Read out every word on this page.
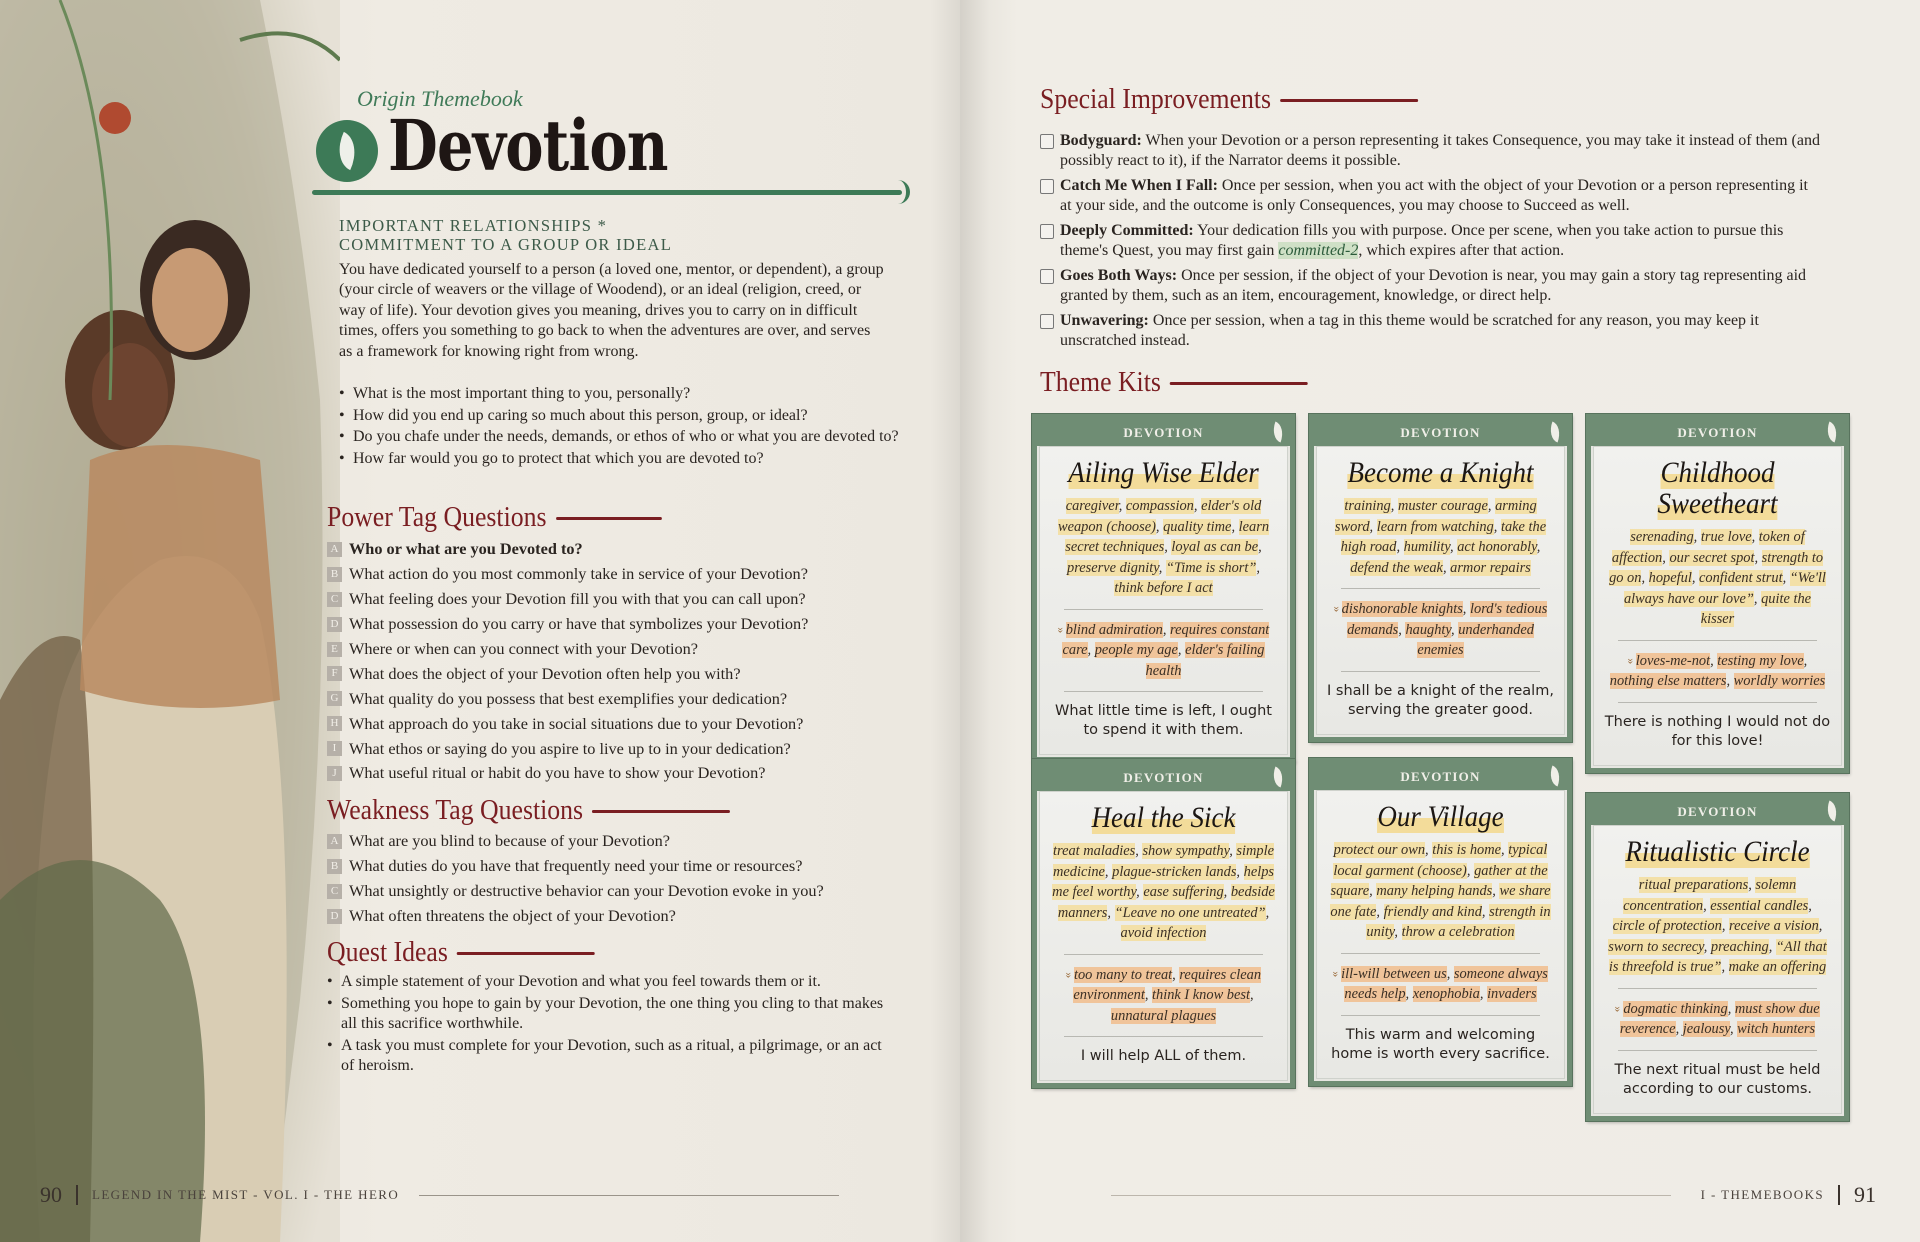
Origin Themebook
Devotion
IMPORTANT RELATIONSHIPS *
COMMITMENT TO A GROUP OR IDEAL

You have dedicated yourself to a person (a loved one, mentor, or dependent), a group (your circle of weavers or the village of Woodend), or an ideal (religion, creed, or way of life). Your devotion gives you meaning, drives you to carry on in difficult times, offers you something to go back to when the adventures are over, and serves as a framework for knowing right from wrong.

• What is the most important thing to you, personally?
• How did you end up caring so much about this person, group, or ideal?
• Do you chafe under the needs, demands, or ethos of who or what you are devoted to?
• How far would you go to protect that which you are devoted to?
Power Tag Questions
A Who or what are you Devoted to?
B What action do you most commonly take in service of your Devotion?
C What feeling does your Devotion fill you with that you can call upon?
D What possession do you carry or have that symbolizes your Devotion?
E Where or when can you connect with your Devotion?
F What does the object of your Devotion often help you with?
G What quality do you possess that best exemplifies your dedication?
H What approach do you take in social situations due to your Devotion?
I What ethos or saying do you aspire to live up to in your dedication?
J What useful ritual or habit do you have to show your Devotion?
Weakness Tag Questions
A What are you blind to because of your Devotion?
B What duties do you have that frequently need your time or resources?
C What unsightly or destructive behavior can your Devotion evoke in you?
D What often threatens the object of your Devotion?
Quest Ideas
• A simple statement of your Devotion and what you feel towards them or it.
• Something you hope to gain by your Devotion, the one thing you cling to that makes all this sacrifice worthwhile.
• A task you must complete for your Devotion, such as a ritual, a pilgrimage, or an act of heroism.
90 LEGEND IN THE MIST - VOL. I - THE HERO
Special Improvements
Bodyguard: When your Devotion or a person representing it takes Consequence, you may take it instead of them (and possibly react to it), if the Narrator deems it possible.
Catch Me When I Fall: Once per session, when you act with the object of your Devotion or a person representing it at your side, and the outcome is only Consequences, you may choose to Succeed as well.
Deeply Committed: Your dedication fills you with purpose. Once per scene, when you take action to pursue this theme's Quest, you may first gain committed-2, which expires after that action.
Goes Both Ways: Once per session, if the object of your Devotion is near, you may gain a story tag representing aid granted by them, such as an item, encouragement, knowledge, or direct help.
Unwavering: Once per session, when a tag in this theme would be scratched for any reason, you may keep it unscratched instead.
Theme Kits
DEVOTION
Ailing Wise Elder
caregiver, compassion, elder's old weapon (choose), quality time, learn secret techniques, loyal as can be, preserve dignity, “Time is short”, think before I act
»blind admiration, requires constant care, people my age, elder's failing health
What little time is left, I ought to spend it with them.
DEVOTION
Become a Knight
training, muster courage, arming sword, learn from watching, take the high road, humility, act honorably, defend the weak, armor repairs
»dishonorable knights, lord's tedious demands, haughty, underhanded enemies
I shall be a knight of the realm, serving the greater good.
DEVOTION
Childhood Sweetheart
serenading, true love, token of affection, our secret spot, strength to go on, hopeful, confident strut, “We'll always have our love”, quite the kisser
»loves-me-not, testing my love, nothing else matters, worldly worries
There is nothing I would not do for this love!
DEVOTION
Heal the Sick
treat maladies, show sympathy, simple medicine, plague-stricken lands, helps me feel worthy, ease suffering, bedside manners, “Leave no one untreated”, avoid infection
»too many to treat, requires clean environment, think I know best, unnatural plagues
I will help ALL of them.
DEVOTION
Our Village
protect our own, this is home, typical local garment (choose), gather at the square, many helping hands, we share one fate, friendly and kind, strength in unity, throw a celebration
»ill-will between us, someone always needs help, xenophobia, invaders
This warm and welcoming home is worth every sacrifice.
DEVOTION
Ritualistic Circle
ritual preparations, solemn concentration, essential candles, circle of protection, receive a vision, sworn to secrecy, preaching, “All that is threefold is true”, make an offering
»dogmatic thinking, must show due reverence, jealousy, witch hunters
The next ritual must be held according to our customs.
I - THEMEBOOKS 91
